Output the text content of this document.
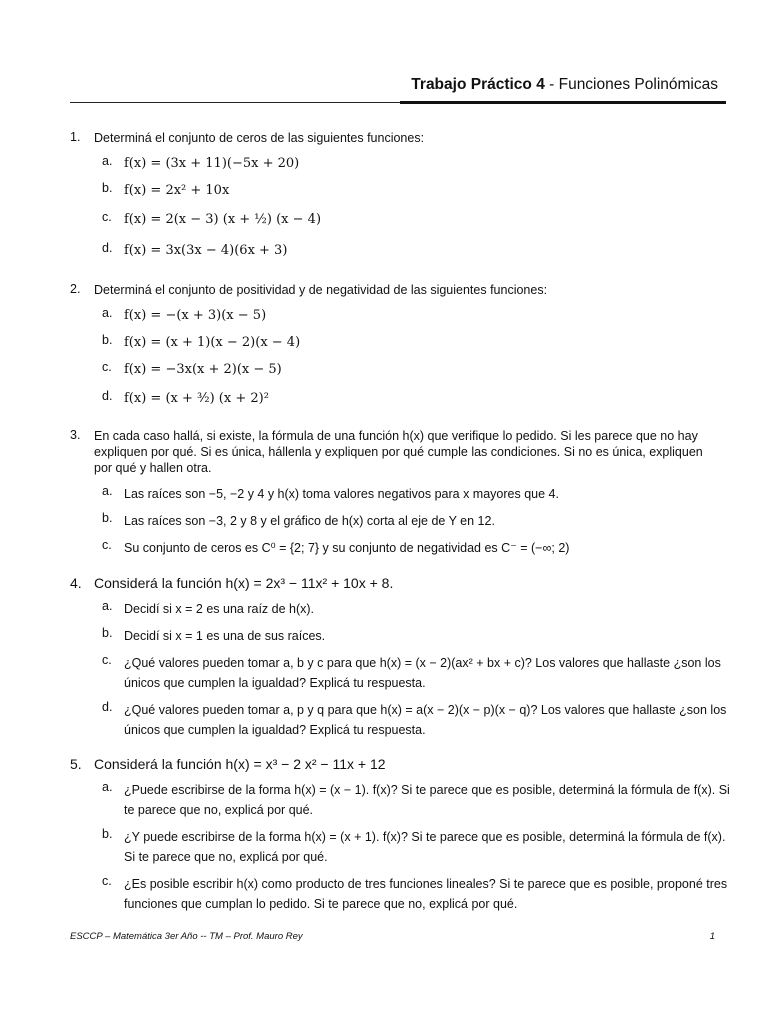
Trabajo Práctico 4 - Funciones Polinómicas
1.	Determiná el conjunto de ceros de las siguientes funciones:
a. f(x) = (3x + 11)(−5x + 20)
b. f(x) = 2x² + 10x
c. f(x) = 2(x − 3) (x + ½) (x − 4)
d. f(x) = 3x(3x − 4)(6x + 3)
2.	Determiná el conjunto de positividad y de negatividad de las siguientes funciones:
a. f(x) = −(x + 3)(x − 5)
b. f(x) = (x + 1)(x − 2)(x − 4)
c. f(x) = −3x(x + 2)(x − 5)
d. f(x) = (x + ³⁄₂) (x + 2)²
3.	En cada caso hallá, si existe, la fórmula de una función h(x) que verifique lo pedido. Si les parece que no hay expliquen por qué. Si es única, hállenla y expliquen por qué cumple las condiciones. Si no es única, expliquen por qué y hallen otra.
a. Las raíces son −5, −2 y 4 y h(x) toma valores negativos para x mayores que 4.
b. Las raíces son −3, 2 y 8 y el gráfico de h(x) corta al eje de Y en 12.
c. Su conjunto de ceros es C⁰ = {2; 7} y su conjunto de negatividad es C⁻ = (−∞; 2)
4. Considerá la función h(x) = 2x³ − 11x² + 10x + 8.
a. Decidí si x = 2 es una raíz de h(x).
b. Decidí si x = 1 es una de sus raíces.
c. ¿Qué valores pueden tomar a, b y c para que h(x) = (x − 2)(ax² + bx + c)? Los valores que hallaste ¿son los únicos que cumplen la igualdad? Explicá tu respuesta.
d. ¿Qué valores pueden tomar a, p y q para que h(x) = a(x − 2)(x − p)(x − q)? Los valores que hallaste ¿son los únicos que cumplen la igualdad? Explicá tu respuesta.
5. Considerá la función h(x) = x³ − 2 x² − 11x + 12
a. ¿Puede escribirse de la forma h(x) = (x − 1). f(x)? Si te parece que es posible, determiná la fórmula de f(x). Si te parece que no, explicá por qué.
b. ¿Y puede escribirse de la forma h(x) = (x + 1). f(x)? Si te parece que es posible, determiná la fórmula de f(x). Si te parece que no, explicá por qué.
c. ¿Es posible escribir h(x) como producto de tres funciones lineales? Si te parece que es posible, proponé tres funciones que cumplan lo pedido. Si te parece que no, explicá por qué.
ESCCP – Matemática 3er Año -- TM – Prof. Mauro Rey	1
